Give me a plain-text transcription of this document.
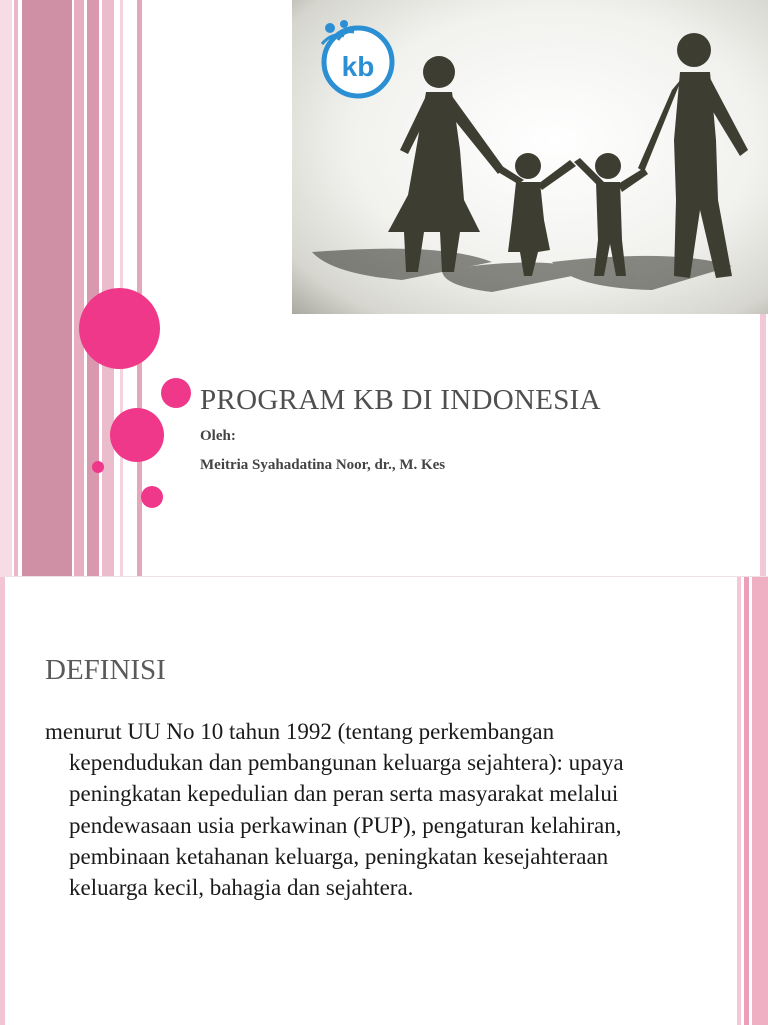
kb
PROGRAM KB DI INDONESIA

Oleh:

Meitria Syahadatina Noor, dr., M. Kes

DEFINISI

menurut UU No 10 tahun 1992 (tentang perkembangan kependudukan dan pembangunan keluarga sejahtera): upaya peningkatan kepedulian dan peran serta masyarakat melalui pendewasaan usia perkawinan (PUP), pengaturan kelahiran, pembinaan ketahanan keluarga, peningkatan kesejahteraan keluarga kecil, bahagia dan sejahtera.
